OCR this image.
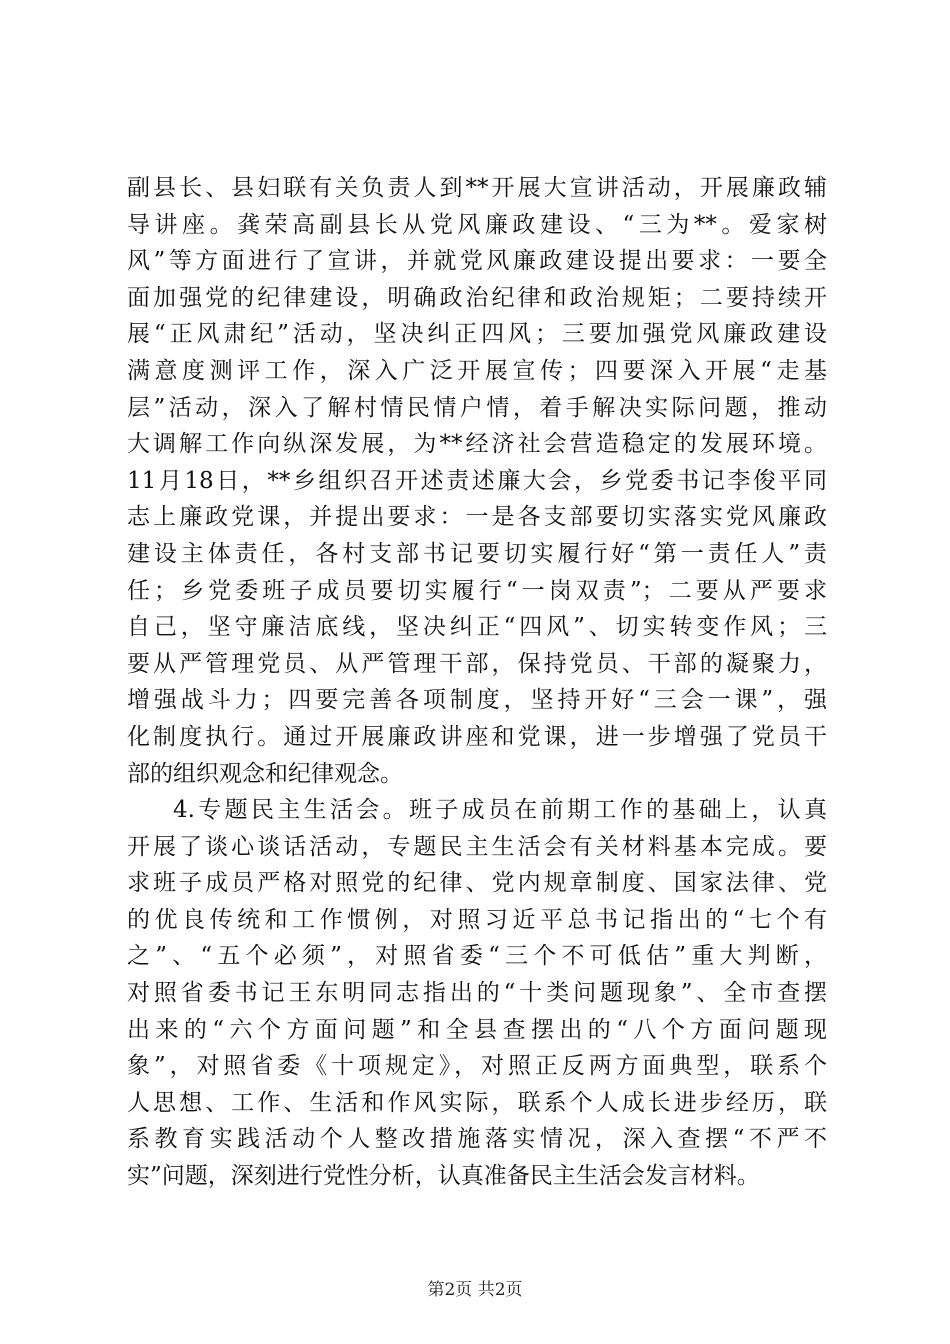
副县长、县妇联有关负责人到**开展大宣讲活动，开展廉政辅
导讲座。龚荣高副县长从党风廉政建设、“三为**。爱家树
风”等方面进行了宣讲，并就党风廉政建设提出要求：一要全
面加强党的纪律建设，明确政治纪律和政治规矩；二要持续开
展“正风肃纪”活动，坚决纠正四风；三要加强党风廉政建设
满意度测评工作，深入广泛开展宣传；四要深入开展“走基
层”活动，深入了解村情民情户情，着手解决实际问题，推动
大调解工作向纵深发展，为**经济社会营造稳定的发展环境。
11月18日，**乡组织召开述责述廉大会，乡党委书记李俊平同
志上廉政党课，并提出要求：一是各支部要切实落实党风廉政
建设主体责任，各村支部书记要切实履行好“第一责任人”责
任；乡党委班子成员要切实履行“一岗双责”；二要从严要求
自己，坚守廉洁底线，坚决纠正“四风”、切实转变作风；三
要从严管理党员、从严管理干部，保持党员、干部的凝聚力，
增强战斗力；四要完善各项制度，坚持开好“三会一课”，强
化制度执行。通过开展廉政讲座和党课，进一步增强了党员干
部的组织观念和纪律观念。
4.专题民主生活会。班子成员在前期工作的基础上，认真
开展了谈心谈话活动，专题民主生活会有关材料基本完成。要
求班子成员严格对照党的纪律、党内规章制度、国家法律、党
的优良传统和工作惯例，对照习近平总书记指出的“七个有
之”、“五个必须”，对照省委“三个不可低估”重大判断，
对照省委书记王东明同志指出的“十类问题现象”、全市查摆
出来的“六个方面问题”和全县查摆出的“八个方面问题现
象”，对照省委《十项规定》，对照正反两方面典型，联系个
人思想、工作、生活和作风实际，联系个人成长进步经历，联
系教育实践活动个人整改措施落实情况，深入查摆“不严不
实”问题，深刻进行党性分析，认真准备民主生活会发言材料。
第2页 共2页
